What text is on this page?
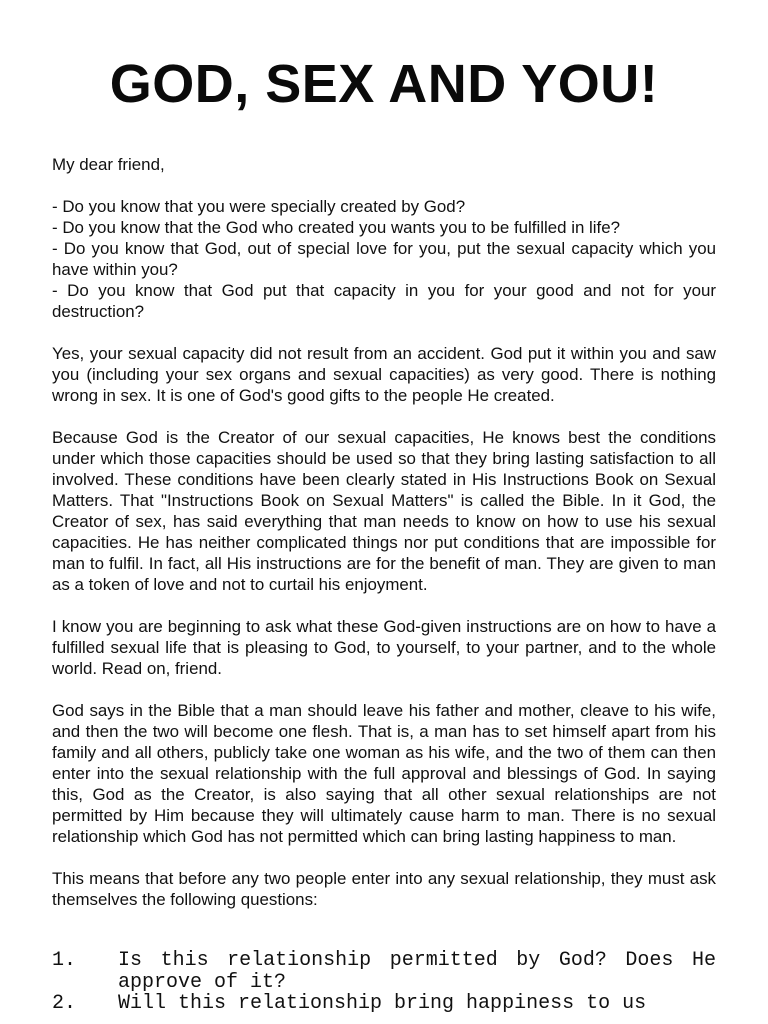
GOD, SEX AND YOU!

My dear friend,

- Do you know that you were specially created by God?
- Do you know that the God who created you wants you to be fulfilled in life?
- Do you know that God, out of special love for you, put the sexual capacity which you have within you?
- Do you know that God put that capacity in you for your good and not for your destruction?

Yes, your sexual capacity did not result from an accident. God put it within you and saw you (including your sex organs and sexual capacities) as very good. There is nothing wrong in sex. It is one of God's good gifts to the people He created.

Because God is the Creator of our sexual capacities, He knows best the conditions under which those capacities should be used so that they bring lasting satisfaction to all involved. These conditions have been clearly stated in His Instructions Book on Sexual Matters. That "Instructions Book on Sexual Matters" is called the Bible. In it God, the Creator of sex, has said everything that man needs to know on how to use his sexual capacities. He has neither complicated things nor put conditions that are impossible for man to fulfil. In fact, all His instructions are for the benefit of man. They are given to man as a token of love and not to curtail his enjoyment.

I know you are beginning to ask what these God-given instructions are on how to have a fulfilled sexual life that is pleasing to God, to yourself, to your partner, and to the whole world. Read on, friend.

God says in the Bible that a man should leave his father and mother, cleave to his wife, and then the two will become one flesh. That is, a man has to set himself apart from his family and all others, publicly take one woman as his wife, and the two of them can then enter into the sexual relationship with the full approval and blessings of God. In saying this, God as the Creator, is also saying that all other sexual relationships are not permitted by Him because they will ultimately cause harm to man. There is no sexual relationship which God has not permitted which can bring lasting happiness to man.

This means that before any two people enter into any sexual relationship, they must ask themselves the following questions:

1.	Is this relationship permitted by God? Does He approve of it?
2.	Will this relationship bring happiness to us
